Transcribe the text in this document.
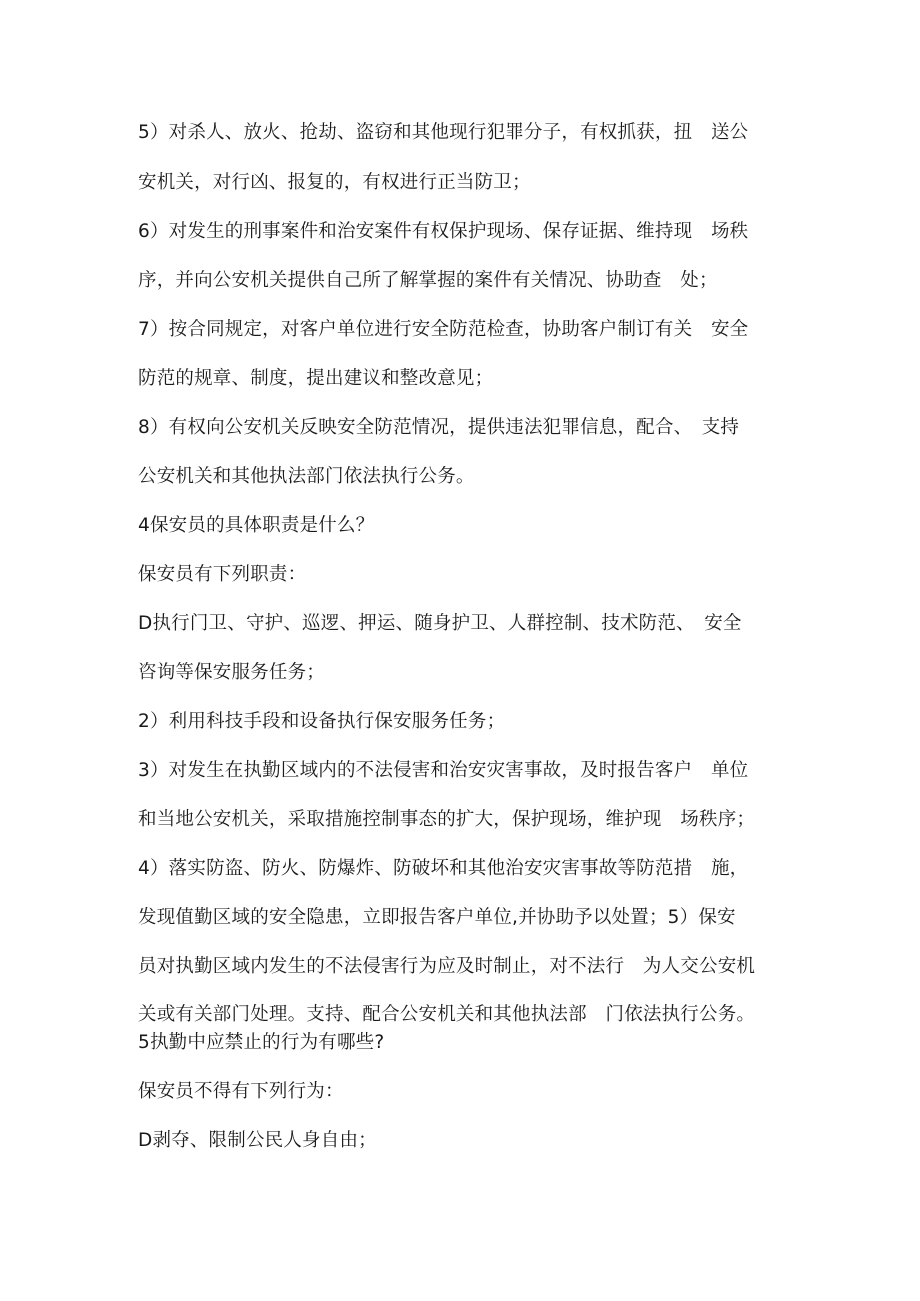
5）对杀人、放火、抢劫、盗窃和其他现行犯罪分子，有权抓获，扭　送公
安机关，对行凶、报复的，有权进行正当防卫；
6）对发生的刑事案件和治安案件有权保护现场、保存证据、维持现　场秩
序，并向公安机关提供自己所了解掌握的案件有关情况、协助查　处；
7）按合同规定，对客户单位进行安全防范检查，协助客户制订有关　安全
防范的规章、制度，提出建议和整改意见；
8）有权向公安机关反映安全防范情况，提供违法犯罪信息，配合、　支持
公安机关和其他执法部门依法执行公务。
4保安员的具体职责是什么？
保安员有下列职责：
D执行门卫、守护、巡逻、押运、随身护卫、人群控制、技术防范、　安全
咨询等保安服务任务；
2）利用科技手段和设备执行保安服务任务；
3）对发生在执勤区域内的不法侵害和治安灾害事故，及时报告客户　单位
和当地公安机关，采取措施控制事态的扩大，保护现场，维护现　场秩序；
4）落实防盗、防火、防爆炸、防破坏和其他治安灾害事故等防范措　施，
发现值勤区域的安全隐患，立即报告客户单位,并协助予以处置；5）保安
员对执勤区域内发生的不法侵害行为应及时制止，对不法行　为人交公安机
关或有关部门处理。支持、配合公安机关和其他执法部　门依法执行公务。
5执勤中应禁止的行为有哪些?
保安员不得有下列行为：
D剥夺、限制公民人身自由；
